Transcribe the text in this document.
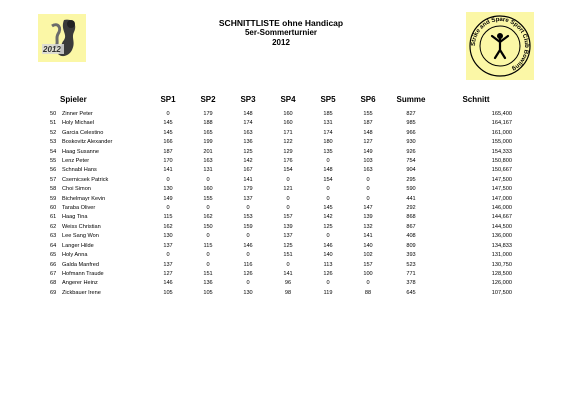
2012
SCHNITTLISTE ohne Handicap
5er-Sommerturnier
2012	Strike and Spare Sport Club Bowling
Spieler		SP1	SP2	SP3	SP4	SP5	SP6	Summe	Schnitt
50	Zinner Peter	0	179	148	160	185	155	827	165,400
51	Holy Michael	145	188	174	160	131	187	985	164,167
52	Garcia Celestino	145	165	163	171	174	148	966	161,000
53	Boskovitz Alexander	166	199	136	122	180	127	930	155,000
54	Haag Susanne	187	201	125	129	135	149	926	154,333
55	Lenz Peter	170	163	142	176	0	103	754	150,800
56	Schnabl Hans	141	131	167	154	148	163	904	150,667
57	Csernicsek Patrick	0	0	141	0	154	0	295	147,500
58	Choi Simon	130	160	179	121	0	0	590	147,500
59	Bichelmayr Kevin	149	155	137	0	0	0	441	147,000
60	Taraba Oliver	0	0	0	0	145	147	292	146,000
61	Haag Tina	115	162	153	157	142	139	868	144,667
62	Weiss Christian	162	150	159	139	125	132	867	144,500
63	Lee Sang Won	130	0	0	137	0	141	408	136,000
64	Langer Hilde	137	115	146	125	146	140	809	134,833
65	Holy Anna	0	0	0	151	140	102	393	131,000
66	Galda Manfred	137	0	116	0	113	157	523	130,750
67	Hofmann Traude	127	151	126	141	126	100	771	128,500
68	Angerer Heinz	146	136	0	96	0	0	378	126,000
69	Zickbauer Irene	105	105	130	98	119	88	645	107,500
